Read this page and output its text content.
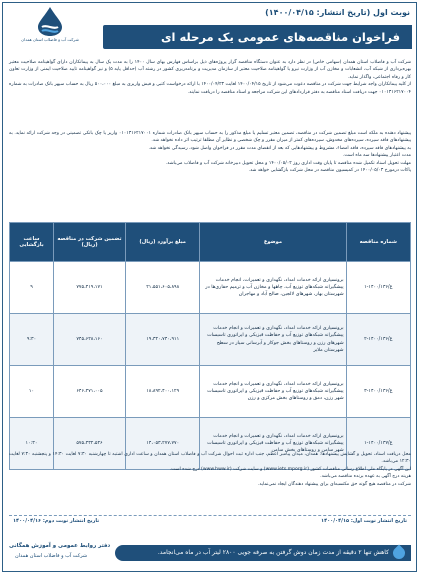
شرکت آب و فاضلاب استان همدان
نوبت اول (تاریخ انتشار: ۱۴۰۰/۰۴/۱۵)
فراخوان مناقصه‌های عمومی یک مرحله ای

شرکت آب و فاضلاب استان همدان (سهامی خاص) در نظر دارد به عنوان دستگاه مناقصه گزار پروژه‌های ذیل براساس فهارس بهای سال ۱۴۰۰ را به مدت یک سال به پیمانکاران دارای گواهینامه صلاحیت معتبر بهره‌برداری از شبکه آب، انشعابات و مخازن آب از وزارت نیرو یا گواهینامه صلاحیت معتبر از سازمان مدیریت و برنامه‌ریزی کشور در رشته آب (حداقل پایه ۵) و نیز گواهینامه تایید صلاحیت ایمنی از وزارت تعاون کار و رفاه اجتماعی، واگذار نماید.

از کلیه پیمانکاران واجد شرایط جهت شرکت در مناقصه دعوت می‌شود از تاریخ ۱۴۰۰/۰۴/۱۵ لغایت ۱۴۰۰/۰۴/۲۳ با ارائه درخواست کتبی و فیش واریزی به مبلغ ۵۰۰،۰۰۰ ریال به حساب سپهر بانک صادرات به شماره ۰۱۰۱۳۱۶۲۱۷۰۰۴ جهت دریافت اسناد مناقصه به دفتر قراردادهای این شرکت مراجعه و اسناد مناقصه را دریافت نمایند.

پیشنهاد دهنده به ملکه است مبلغ تضمین شرکت در مناقصه، تضمین معتبر تسلیم یا مبلغ مذکور را به حساب سپهر بانک صادرات شماره ۰۱۰۱۳۱۶۲۱۷۰۰۱ واریز یا چک بانکی تضمینی در وجه شرکت ارائه نماید. به پیشنهادهای فاقد سپرده، سپرده‌های مخدوش، سپرده‌های کمتر از میزان مقرر و چک شخصی و نظایر آن مطلقا ترتیب اثر داده نخواهد شد.

به پیشنهادهای فاقد سپرده، فاقد امضاء، مشروط و پیشنهادهایی که بعد از انقضای مدت مقرر در فراخوان واصل شود، رسیدگی نخواهد شد.

مدت اعتبار پیشنهادها سه ماه است.

مهلت تحویل اسناد تکمیل شده مناقصه تا پایان وقت اداری روز ۱۴۰۰/۰۵/۰۲ و محل تحویل دبیرخانه شرکت آب و فاضلاب می‌باشد.

پاکات درمورخ ۱۴۰۰/۰۵/۰۳ در کمیسیون مناقصه در محل شرکت بازگشایی خواهد شد.

شماره مناقصه	موضوع	مبلغ برآورد (ریال)	تضمین شرکت در مناقصه (ریال)	ساعت بازگشایی
ع/۱۴۰۰/۱۳۶-۱	برونسپاری ارائه خدمات امداد، نگهداری و تعمیرات، انجام خدمات پیشگیرانه شبکه‌های توزیع آب، چاهها و مخازن آب و ترمیم حفاری‌ها در شهرستان بهار، شهرهای لالجین، صالح آباد و مهاجران	۲۱،۵۵۱،۶۰۵،۸۹۸	۷۷۵،۴۱۹،۱۷۱	۹
ع/۱۴۰۰/۱۳۶-۲	برونسپاری ارائه خدمات امداد، نگهداری و تعمیرات و انجام خدمات پیشگیرانه شبکه‌های توزیع آب و حفاظت فیزیکی و اپراتوری تاسیسات شهرهای رزن و روستاهای بخش جوکار و آبرسانی سیار در سطح شهرستان ملایر	۱۹،۳۲۰،۷۴۰،۹۱۱	۷۴۵،۶۲۸،۱۶۰	۹:۳۰
ع/۱۴۰۰/۱۳۶-۳	برونسپاری ارائه خدمات امداد، نگهداری و تعمیرات و انجام خدمات پیشگیرانه شبکه‌های توزیع آب و حفاظت فیزیکی و اپراتوری تاسیسات شهر رزن، دمق و روستاهای بخش مرکزی و رزن	۱۸،۸۹۲،۴۰۰،۱۲۹	۶۴۶،۴۷۱،۰۰۵	۱۰
ع/۱۴۰۰/۱۳۷-۱	برونسپاری ارائه خدمات امداد، نگهداری و تعمیرات و انجام خدمات پیشگیرانه شبکه‌های توزیع آب و حفاظت فیزیکی و اپراتوری تاسیسات شهر سامن و روستاهای بخش سامن	۱۴،۰۵۳،۲۷۷،۷۷۰	۵۷۵،۴۳۲،۵۴۶	۱۰:۳۰

محل دریافت اسناد، تحویل و گشایش پیشنهادها: همدان، میدان پیامبر اعظم، جنب اداره ثبت احوال شرکت آب و فاضلاب استان همدان و ساعت اداری اشتبه تا چهارشنبه ۷:۳۰ لغایت ۱۴:۳۰ و پنجشنبه ۷:۳۰ لغایت ۱۲:۳۰ می‌باشد.

این آگهی در پایگاه ملی اطلاع رسانی مناقصات کشور (www.iets.mporg.ir) و سایت شرکت (www.hww.ir) درج شده است.

هزینه درج آگهی به عهده برنده مناقصه می‌باشد.

شرکت در مناقصه هیچ گونه حق مکتسبه‌ای برای پیشنهاد دهندگان ایجاد نمی‌نماید.

تاریخ انتشار نوبت اول: ۱۴۰۰/۰۴/۱۵
تاریخ انتشار نوبت دوم: ۱۴۰۰/۰۴/۱۶
دفتر روابط عمومی و آموزش همگانی
شرکت آب و فاضلاب استان همدان	کاهش تنها ۲ دقیقه از مدت زمان دوش گرفتن به صرفه جویی ۲۸۰۰ لیتر آب در ماه می‌انجامد.
